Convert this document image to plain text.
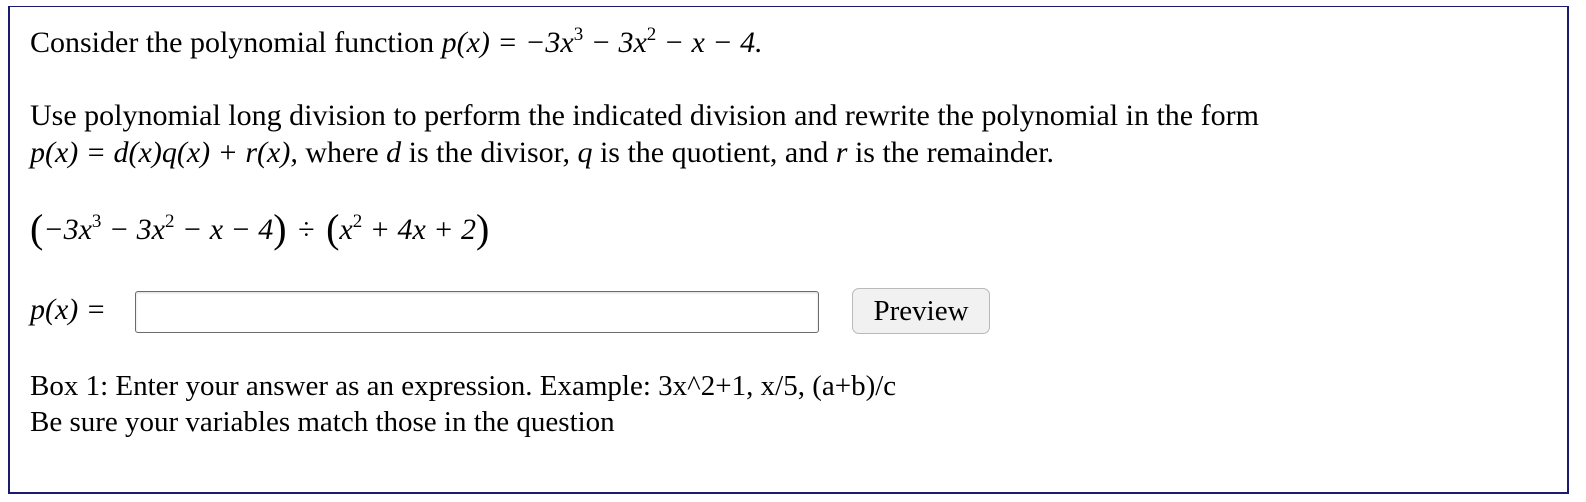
Consider the polynomial function $p(x) = -3x^3 - 3x^2 - x - 4$.
Use polynomial long division to perform the indicated division and rewrite the polynomial in the form
p(x) = d(x)q(x) + r(x), where d is the divisor, q is the quotient, and r is the remainder.
$(-3x^3 - 3x^2 - x - 4) \div (x^2 + 4x + 2)$
p(x) =	Preview
Box 1: Enter your answer as an expression. Example: 3x^2+1, x/5, (a+b)/c
Be sure your variables match those in the question
